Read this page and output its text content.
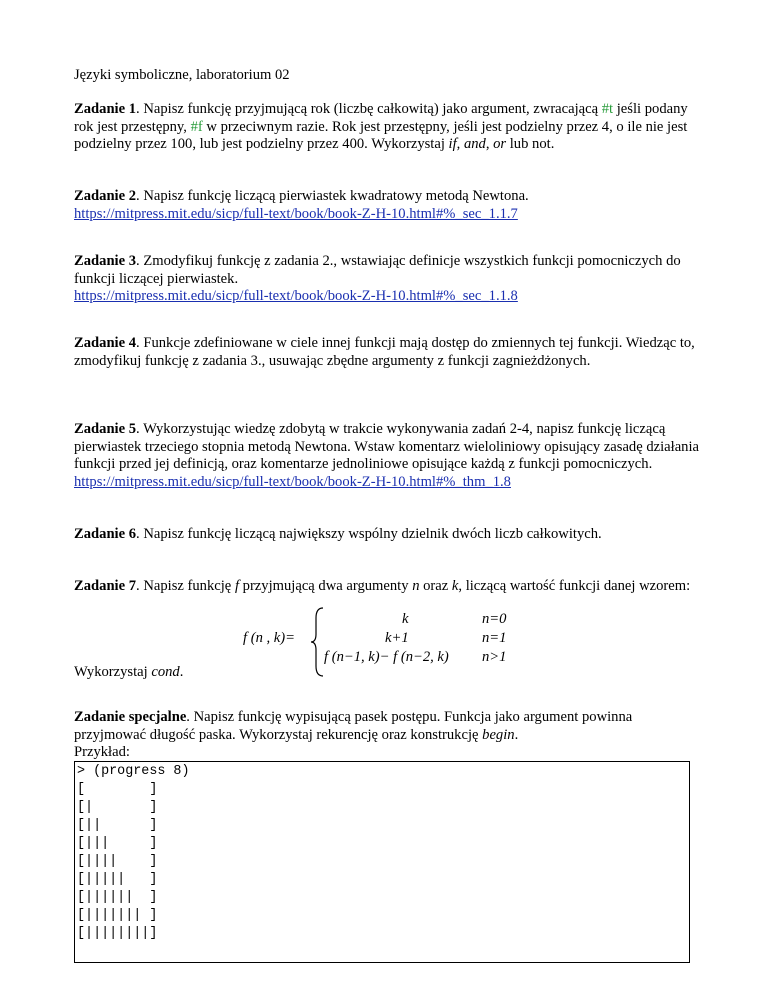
Języki symboliczne, laboratorium 02

Zadanie 1. Napisz funkcję przyjmującą rok (liczbę całkowitą) jako argument, zwracającą #t jeśli podany rok jest przestępny, #f w przeciwnym razie. Rok jest przestępny, jeśli jest podzielny przez 4, o ile nie jest podzielny przez 100, lub jest podzielny przez 400. Wykorzystaj if, and, or lub not.

Zadanie 2. Napisz funkcję liczącą pierwiastek kwadratowy metodą Newtona.

https://mitpress.mit.edu/sicp/full-text/book/book-Z-H-10.html#%_sec_1.1.7

Zadanie 3. Zmodyfikuj funkcję z zadania 2., wstawiając definicje wszystkich funkcji pomocniczych do funkcji liczącej pierwiastek.

https://mitpress.mit.edu/sicp/full-text/book/book-Z-H-10.html#%_sec_1.1.8

Zadanie 4. Funkcje zdefiniowane w ciele innej funkcji mają dostęp do zmiennych tej funkcji. Wiedząc to, zmodyfikuj funkcję z zadania 3., usuwając zbędne argumenty z funkcji zagnieżdżonych.

Zadanie 5. Wykorzystując wiedzę zdobytą w trakcie wykonywania zadań 2-4, napisz funkcję liczącą pierwiastek trzeciego stopnia metodą Newtona. Wstaw komentarz wieloliniowy opisujący zasadę działania funkcji przed jej definicją, oraz komentarze jednoliniowe opisujące każdą z funkcji pomocniczych.

https://mitpress.mit.edu/sicp/full-text/book/book-Z-H-10.html#%_thm_1.8

Zadanie 6. Napisz funkcję liczącą największy wspólny dzielnik dwóch liczb całkowitych.

Zadanie 7. Napisz funkcję f przyjmującą dwa argumenty n oraz k, liczącą wartość funkcji danej wzorem:

f (n , k)=
k	n=0
k+1	n=1
f (n−1, k)− f (n−2, k) n>1

Wykorzystaj cond.

Zadanie specjalne. Napisz funkcję wypisującą pasek postępu. Funkcja jako argument powinna przyjmować długość paska. Wykorzystaj rekurencję oraz konstrukcję begin.

Przykład:

> (progress 8)
[        ]
[|       ]
[||      ]
[|||     ]
[||||    ]
[|||||   ]
[||||||  ]
[||||||| ]
[||||||||]
